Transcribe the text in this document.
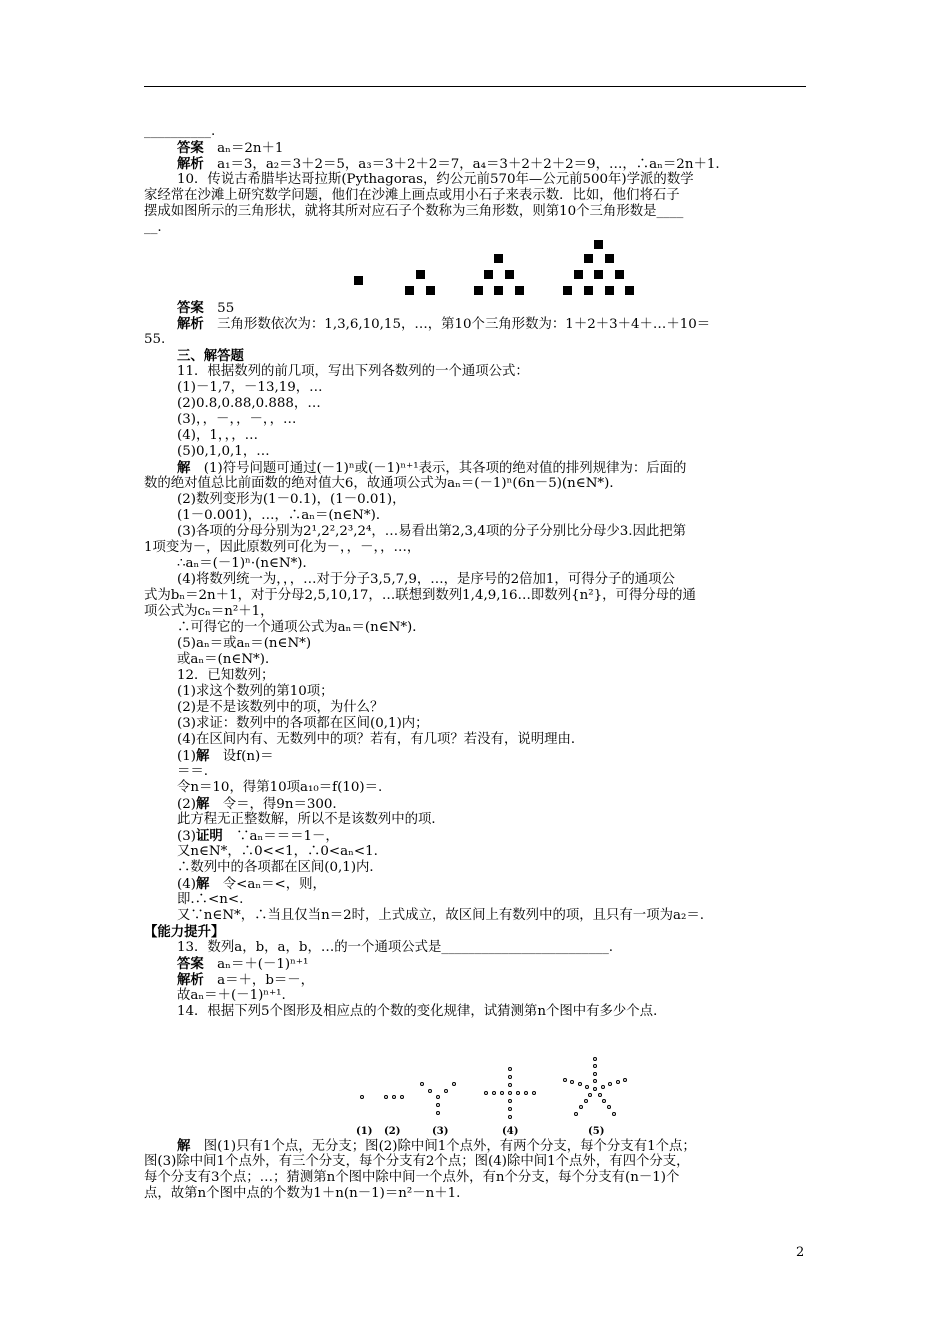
__________.
答案　aₙ＝2n＋1
解析　a₁＝3，a₂＝3＋2＝5，a₃＝3＋2＋2＝7，a₄＝3＋2＋2＋2＝9，…，∴aₙ＝2n＋1.
10．传说古希腊毕达哥拉斯(Pythagoras，约公元前570年—公元前500年)学派的数学
家经常在沙滩上研究数学问题，他们在沙滩上画点或用小石子来表示数．比如，他们将石子
摆成如图所示的三角形状，就将其所对应石子个数称为三角形数，则第10个三角形数是____
__.
答案　55
解析　三角形数依次为：1,3,6,10,15，…，第10个三角形数为：1＋2＋3＋4＋…＋10＝
55.
三、解答题
11．根据数列的前几项，写出下列各数列的一个通项公式：
(1)－1,7，－13,19，…
(2)0.8,0.88,0.888，…
(3)，，－，，－，，…
(4)，1，，，…
(5)0,1,0,1，…
解　(1)符号问题可通过(－1)ⁿ或(－1)ⁿ⁺¹表示，其各项的绝对值的排列规律为：后面的
数的绝对值总比前面数的绝对值大6，故通项公式为aₙ＝(－1)ⁿ(6n－5)(n∈N*)．
(2)数列变形为(1－0.1)，(1－0.01)，
(1－0.001)，…，∴aₙ＝(n∈N*)．
(3)各项的分母分别为2¹,2²,2³,2⁴，…易看出第2,3,4项的分子分别比分母少3.因此把第
1项变为－，因此原数列可化为－，，－，，…，
∴aₙ＝(－1)ⁿ·(n∈N*)．
(4)将数列统一为，，，…对于分子3,5,7,9，…，是序号的2倍加1，可得分子的通项公
式为bₙ＝2n＋1，对于分母2,5,10,17，…联想到数列1,4,9,16…即数列{n²}，可得分母的通
项公式为cₙ＝n²＋1，
∴可得它的一个通项公式为aₙ＝(n∈N*)．
(5)aₙ＝或aₙ＝(n∈N*)
或aₙ＝(n∈N*)．
12．已知数列；
(1)求这个数列的第10项；
(2)是不是该数列中的项，为什么？
(3)求证：数列中的各项都在区间(0,1)内；
(4)在区间内有、无数列中的项？若有，有几项？若没有，说明理由．
(1)解　设f(n)＝
＝＝.
令n＝10，得第10项a₁₀＝f(10)＝.
(2)解　令＝，得9n＝300.
此方程无正整数解，所以不是该数列中的项．
(3)证明　∵aₙ＝＝＝1－，
又n∈N*，∴0<<1，∴0<aₙ<1.
∴数列中的各项都在区间(0,1)内．
(4)解　令<aₙ＝<，则，
即.∴<n<.
又∵n∈N*，∴当且仅当n＝2时，上式成立，故区间上有数列中的项，且只有一项为a₂＝.
【能力提升】
13．数列a，b，a，b，…的一个通项公式是_________________________.
答案　aₙ＝＋(－1)ⁿ⁺¹
解析　a＝＋，b＝－，
故aₙ＝＋(－1)ⁿ⁺¹.
14．根据下列5个图形及相应点的个数的变化规律，试猜测第n个图中有多少个点．
解　图(1)只有1个点，无分支；图(2)除中间1个点外，有两个分支，每个分支有1个点；
图(3)除中间1个点外，有三个分支，每个分支有2个点；图(4)除中间1个点外，有四个分支，
每个分支有3个点；…；猜测第n个图中除中间一个点外，有n个分支，每个分支有(n－1)个
点，故第n个图中点的个数为1＋n(n－1)＝n²－n＋1.
(1) (2)	(3)	(4)	(5)
2
